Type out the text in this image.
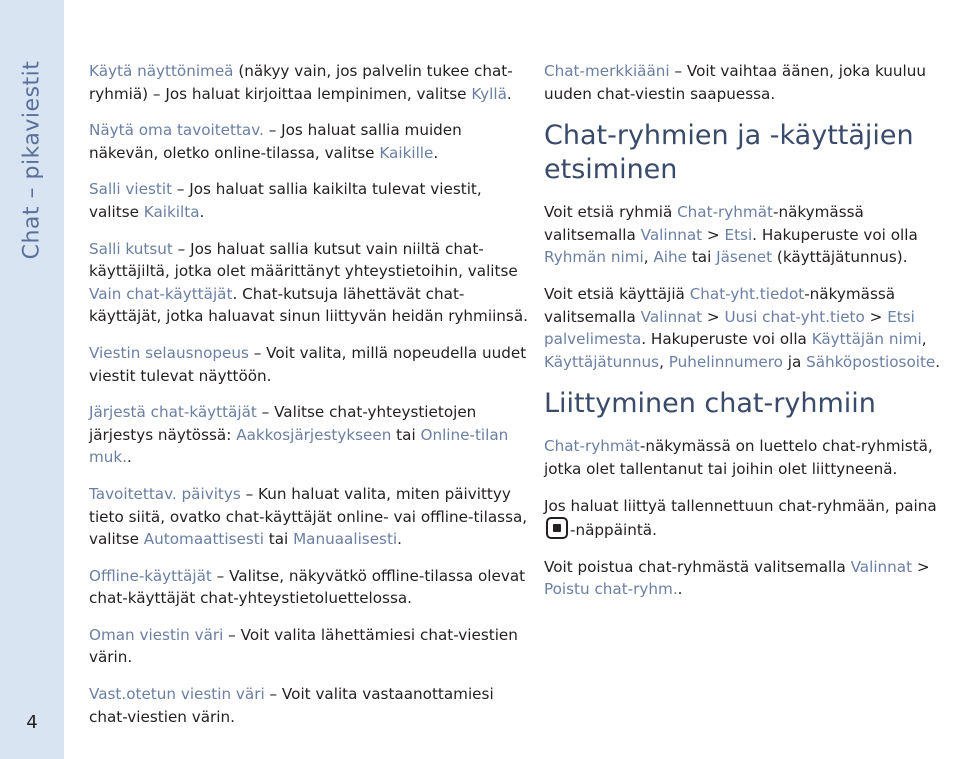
Chat – pikaviestit
4

Käytä näyttönimeä (näkyy vain, jos palvelin tukee chat-ryhmiä) – Jos haluat kirjoittaa lempinimen, valitse Kyllä.

Näytä oma tavoitettav. – Jos haluat sallia muiden näkevän, oletko online-tilassa, valitse Kaikille.

Salli viestit – Jos haluat sallia kaikilta tulevat viestit, valitse Kaikilta.

Salli kutsut – Jos haluat sallia kutsut vain niiltä chat-käyttäjiltä, jotka olet määrittänyt yhteystietoihin, valitse Vain chat-käyttäjät. Chat-kutsuja lähettävät chat-käyttäjät, jotka haluavat sinun liittyvän heidän ryhmiinsä.

Viestin selausnopeus – Voit valita, millä nopeudella uudet viestit tulevat näyttöön.

Järjestä chat-käyttäjät – Valitse chat-yhteystietojen järjestys näytössä: Aakkosjärjestykseen tai Online-tilan muk..

Tavoitettav. päivitys – Kun haluat valita, miten päivittyy tieto siitä, ovatko chat-käyttäjät online- vai offline-tilassa, valitse Automaattisesti tai Manuaalisesti.

Offline-käyttäjät – Valitse, näkyvätkö offline-tilassa olevat chat-käyttäjät chat-yhteystietoluettelossa.

Oman viestin väri – Voit valita lähettämiesi chat-viestien värin.

Vast.otetun viestin väri – Voit valita vastaanottamiesi chat-viestien värin.

Chat-merkkiääni – Voit vaihtaa äänen, joka kuuluu uuden chat-viestin saapuessa.

Chat-ryhmien ja -käyttäjien etsiminen

Voit etsiä ryhmiä Chat-ryhmät-näkymässä valitsemalla Valinnat > Etsi. Hakuperuste voi olla Ryhmän nimi, Aihe tai Jäsenet (käyttäjätunnus).

Voit etsiä käyttäjiä Chat-yht.tiedot-näkymässä valitsemalla Valinnat > Uusi chat-yht.tieto > Etsi palvelimesta. Hakuperuste voi olla Käyttäjän nimi, Käyttäjätunnus, Puhelinnumero ja Sähköpostiosoite.

Liittyminen chat-ryhmiin

Chat-ryhmät-näkymässä on luettelo chat-ryhmistä, jotka olet tallentanut tai joihin olet liittyneenä.

Jos haluat liittyä tallennettuun chat-ryhmään, paina -näppäintä.

Voit poistua chat-ryhmästä valitsemalla Valinnat > Poistu chat-ryhm..
